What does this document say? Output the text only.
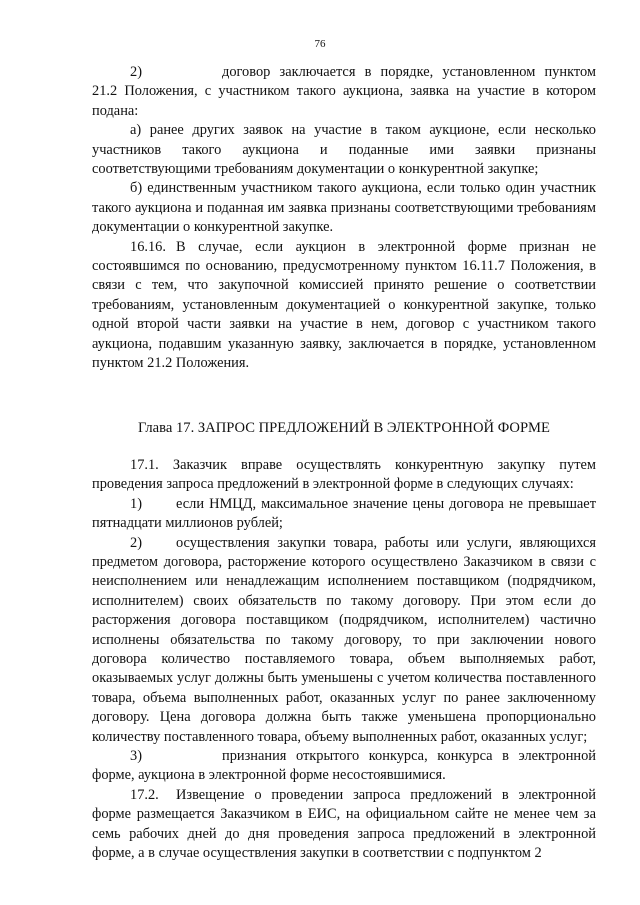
76

2)	договор заключается в порядке, установленном пунктом 21.2 Положения, с участником такого аукциона, заявка на участие в котором подана:

а) ранее других заявок на участие в таком аукционе, если несколько участников такого аукциона и поданные ими заявки признаны соответствующими требованиям документации о конкурентной закупке;

б) единственным участником такого аукциона, если только один участник такого аукциона и поданная им заявка признаны соответствующими требованиям документации о конкурентной закупке.

16.16. В случае, если аукцион в электронной форме признан не состоявшимся по основанию, предусмотренному пунктом 16.11.7 Положения, в связи с тем, что закупочной комиссией принято решение о соответствии требованиям, установленным документацией о конкурентной закупке, только одной второй части заявки на участие в нем, договор с участником такого аукциона, подавшим указанную заявку, заключается в порядке, установленном пунктом 21.2 Положения.

Глава 17. ЗАПРОС ПРЕДЛОЖЕНИЙ В ЭЛЕКТРОННОЙ ФОРМЕ

17.1. Заказчик вправе осуществлять конкурентную закупку путем проведения запроса предложений в электронной форме в следующих случаях:

1) если НМЦД, максимальное значение цены договора не превышает пятнадцати миллионов рублей;

2) осуществления закупки товара, работы или услуги, являющихся предметом договора, расторжение которого осуществлено Заказчиком в связи с неисполнением или ненадлежащим исполнением поставщиком (подрядчиком, исполнителем) своих обязательств по такому договору. При этом если до расторжения договора поставщиком (подрядчиком, исполнителем) частично исполнены обязательства по такому договору, то при заключении нового договора количество поставляемого товара, объем выполняемых работ, оказываемых услуг должны быть уменьшены с учетом количества поставленного товара, объема выполненных работ, оказанных услуг по ранее заключенному договору. Цена договора должна быть также уменьшена пропорционально количеству поставленного товара, объему выполненных работ, оказанных услуг;

3)	признания открытого конкурса, конкурса в электронной форме, аукциона в электронной форме несостоявшимися.

17.2. Извещение о проведении запроса предложений в электронной форме размещается Заказчиком в ЕИС, на официальном сайте не менее чем за семь рабочих дней до дня проведения запроса предложений в электронной форме, а в случае осуществления закупки в соответствии с подпунктом 2
